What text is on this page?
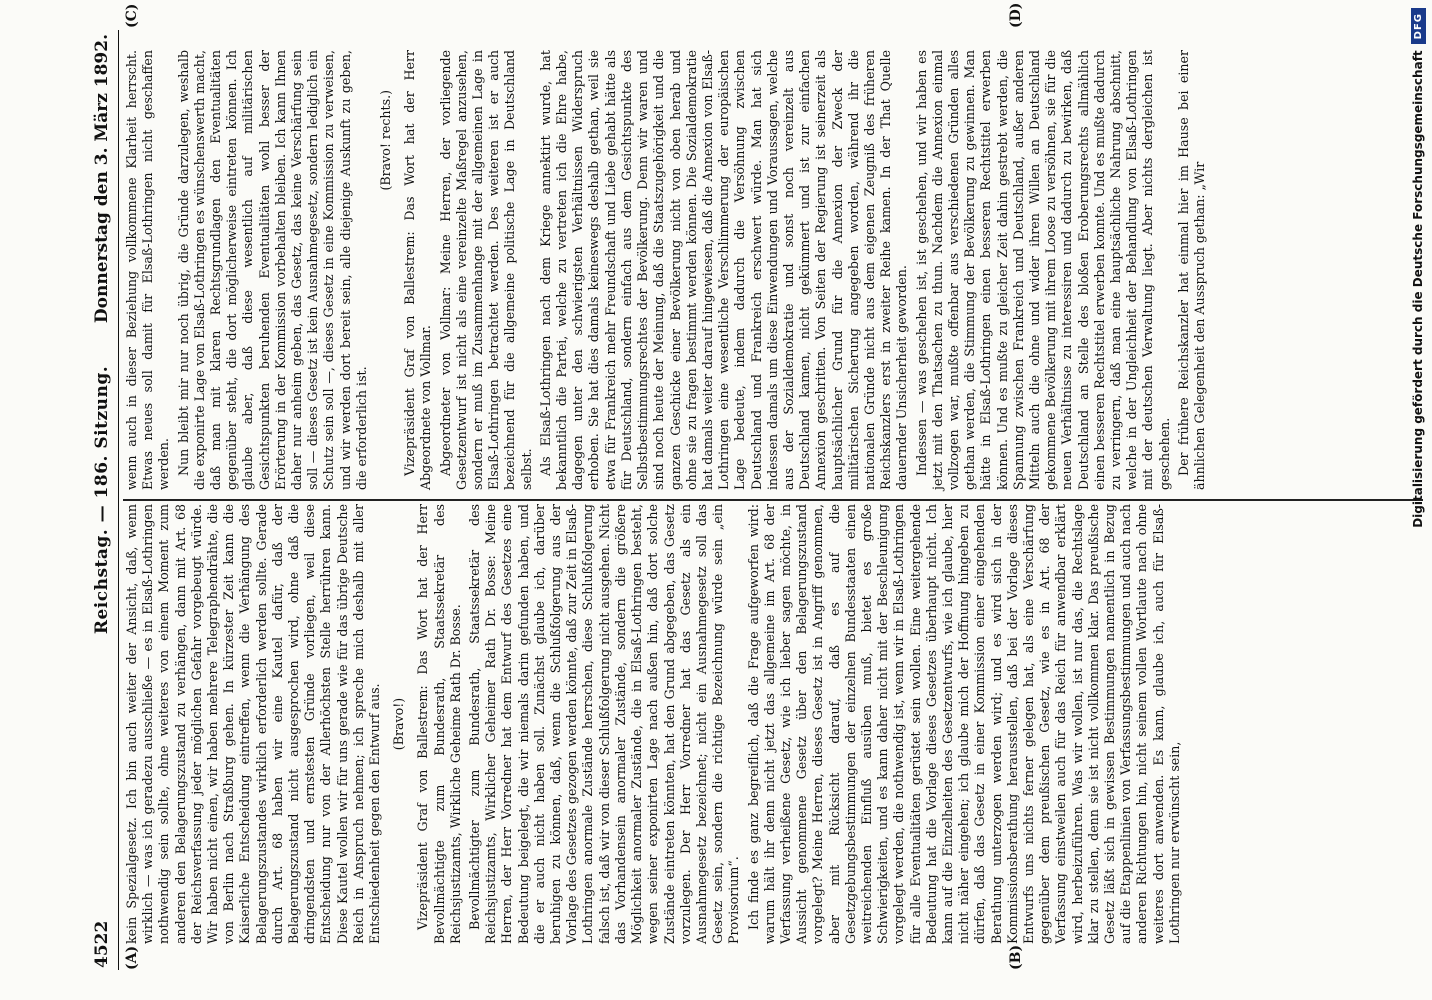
4522
Reichstag. — 186. Sitzung.
Donnerstag den 3. März 1892.
(A)	(B)
(C)	(D)

kein Spezialgesetz. Ich bin auch weiter der Ansicht, daß, wenn wirklich — was ich geradezu ausschließe — es in Elsaß-Lothringen nothwendig sein sollte, ohne weiteres von einem Moment zum anderen den Belagerungszustand zu verhängen, dann mit Art. 68 der Reichsverfassung jeder möglichen Gefahr vorgebeugt würde. Wir haben nicht einen, wir haben mehrere Telegraphendrähte, die von Berlin nach Straßburg gehen. In kürzester Zeit kann die Kaiserliche Entscheidung eintreffen, wenn die Verhängung des Belagerungszustandes wirklich erforderlich werden sollte. Gerade durch Art. 68 haben wir eine Kautel dafür, daß der Belagerungszustand nicht ausgesprochen wird, ohne daß die dringendsten und ernstesten Gründe vorliegen, weil diese Entscheidung nur von der Allerhöchsten Stelle herrühren kann. Diese Kautel wollen wir für uns gerade wie für das übrige Deutsche Reich in Anspruch nehmen; ich spreche mich deshalb mit aller Entschiedenheit gegen den Entwurf aus. (Bravo!) Vizepräsident Graf von Ballestrem: Das Wort hat der Herr Bevollmächtigte zum Bundesrath, Staatssekretär des Reichsjustizamts, Wirkliche Geheime Rath Dr. Bosse. Bevollmächtigter zum Bundesrath, Staatssekretär des Reichsjustizamts, Wirklicher Geheimer Rath Dr. Bosse: Meine Herren, der Herr Vorredner hat dem Entwurf des Gesetzes eine Bedeutung beigelegt, die wir niemals darin gefunden haben, und die er auch nicht haben soll. Zunächst glaube ich, darüber beruhigen zu können, daß, wenn die Schlußfolgerung aus der Vorlage des Gesetzes gezogen werden könnte, daß zur Zeit in Elsaß-Lothringen anormale Zustände herrschen, diese Schlußfolgerung falsch ist, daß wir von dieser Schlußfolgerung nicht ausgehen. Nicht das Vorhandensein anormaler Zustände, sondern die größere Möglichkeit anormaler Zustände, die in Elsaß-Lothringen besteht, wegen seiner exponirten Lage nach außen hin, daß dort solche Zustände eintreten könnten, hat den Grund abgegeben, das Gesetz vorzulegen. Der Herr Vorredner hat das Gesetz als ein Ausnahmegesetz bezeichnet; nicht ein Ausnahmegesetz soll das Gesetz sein, sondern die richtige Bezeichnung würde sein „ein Provisorium“. Ich finde es ganz begreiflich, daß die Frage aufgeworfen wird: warum hält ihr denn nicht jetzt das allgemeine im Art. 68 der Verfassung verheißene Gesetz, wie ich lieber sagen möchte, in Aussicht genommene Gesetz über den Belagerungszustand vorgelegt? Meine Herren, dieses Gesetz ist in Angriff genommen, aber mit Rücksicht darauf, daß es auf die Gesetzgebungsbestimmungen der einzelnen Bundesstaaten einen weitreichenden Einfluß ausüben muß, bietet es große Schwierigkeiten, und es kann daher nicht mit der Beschleunigung vorgelegt werden, die nothwendig ist, wenn wir in Elsaß-Lothringen für alle Eventualitäten gerüstet sein wollen. Eine weitergehende Bedeutung hat die Vorlage dieses Gesetzes überhaupt nicht. Ich kann auf die Einzelheiten des Gesetzentwurfs, wie ich glaube, hier nicht näher eingehen; ich glaube mich der Hoffnung hingeben zu dürfen, daß das Gesetz in einer Kommission einer eingehenden Berathung unterzogen werden wird; und es wird sich in der Kommissionsberathung herausstellen, daß bei der Vorlage dieses Entwurfs uns nichts ferner gelegen hat, als eine Verschärfung gegenüber dem preußischen Gesetz, wie es in Art. 68 der Verfassung einstweilen auch für das Reich für anwendbar erklärt wird, herbeizuführen. Was wir wollen, ist nur das, die Rechtslage klar zu stellen, denn sie ist nicht vollkommen klar. Das preußische Gesetz läßt sich in gewissen Bestimmungen namentlich in Bezug auf die Etappenlinien von Verfassungsbestimmungen und auch nach anderen Richtungen hin, nicht seinem vollen Wortlaute nach ohne weiteres dort anwenden. Es kann, glaube ich, auch für Elsaß-Lothringen nur erwünscht sein,

wenn auch in dieser Beziehung vollkommene Klarheit herrscht. Etwas neues soll damit für Elsaß-Lothringen nicht geschaffen werden. Nun bleibt mir nur noch übrig, die Gründe darzulegen, weshalb die exponirte Lage von Elsaß-Lothringen es wünschenswerth macht, daß man mit klaren Rechtsgrundlagen den Eventualitäten gegenüber steht, die dort möglicherweise eintreten können. Ich glaube aber, daß diese wesentlich auf militärischen Gesichtspunkten beruhenden Eventualitäten wohl besser der Erörterung in der Kommission vorbehalten bleiben. Ich kann Ihnen daher nur anheim geben, das Gesetz, das keine Verschärfung sein soll — dieses Gesetz ist kein Ausnahmegesetz, sondern lediglich ein Schutz sein soll —, dieses Gesetz in eine Kommission zu verweisen, und wir werden dort bereit sein, alle diejenige Auskunft zu geben, die erforderlich ist.

(Bravo! rechts.) Vizepräsident Graf von Ballestrem: Das Wort hat der Herr Abgeordnete von Vollmar. Abgeordneter von Vollmar: Meine Herren, der vorliegende Gesetzentwurf ist nicht als eine vereinzelte Maßregel anzusehen, sondern er muß im Zusammenhange mit der allgemeinen Lage in Elsaß-Lothringen betrachtet werden. Des weiteren ist er auch bezeichnend für die allgemeine politische Lage in Deutschland selbst. Als Elsaß-Lothringen nach dem Kriege annektirt wurde, hat bekanntlich die Partei, welche zu vertreten ich die Ehre habe, dagegen unter den schwierigsten Verhältnissen Widerspruch erhoben. Sie hat dies damals keineswegs deshalb gethan, weil sie etwa für Frankreich mehr Freundschaft und Liebe gehabt hätte als für Deutschland, sondern einfach aus dem Gesichtspunkte des Selbstbestimmungsrechtes der Bevölkerung. Denn wir waren und sind noch heute der Meinung, daß die Staatszugehörigkeit und die ganzen Geschicke einer Bevölkerung nicht von oben herab und ohne sie zu fragen bestimmt werden können. Die Sozialdemokratie hat damals weiter darauf hingewiesen, daß die Annexion von Elsaß-Lothringen eine wesentliche Verschlimmerung der europäischen Lage bedeute, indem dadurch die Versöhnung zwischen Deutschland und Frankreich erschwert würde. Man hat sich indessen damals um diese Einwendungen und Voraussagen, welche aus der Sozialdemokratie und sonst noch vereinzelt aus Deutschland kamen, nicht gekümmert und ist zur einfachen Annexion geschritten. Von Seiten der Regierung ist seinerzeit als hauptsächlicher Grund für die Annexion der Zweck der militärischen Sicherung angegeben worden, während ihr die nationalen Gründe nicht aus dem eigenen Zeugniß des früheren Reichskanzlers erst in zweiter Reihe kamen. In der That Quelle dauernder Unsicherheit geworden. Indessen — was geschehen ist, ist geschehen, und wir haben es jetzt mit den Thatsachen zu thun. Nachdem die Annexion einmal vollzogen war, mußte offenbar aus verschiedenen Gründen alles gethan werden, die Stimmung der Bevölkerung zu gewinnen. Man hätte in Elsaß-Lothringen einen besseren Rechtstitel erwerben können. Und es mußte zu gleicher Zeit dahin gestrebt werden, die Spannung zwischen Frankreich und Deutschland, außer anderen Mitteln auch die ohne und wider ihren Willen an Deutschland gekommene Bevölkerung mit ihrem Loose zu versöhnen, sie für die neuen Verhältnisse zu interessiren und dadurch zu bewirken, daß Deutschland an Stelle des bloßen Eroberungsrechts allmählich einen besseren Rechtstitel erwerben konnte. Und es mußte dadurch zu verringern, daß man eine hauptsächliche Nahrung abschnitt, welche in der Ungleichheit der Behandlung von Elsaß-Lothringen mit der deutschen Verwaltung liegt. Aber nichts dergleichen ist geschehen. Der frühere Reichskanzler hat einmal hier im Hause bei einer ähnlichen Gelegenheit den Ausspruch gethan: „Wir	Digitalisierung gefördert durch die Deutsche Forschungsgemeinschaft
DFG
